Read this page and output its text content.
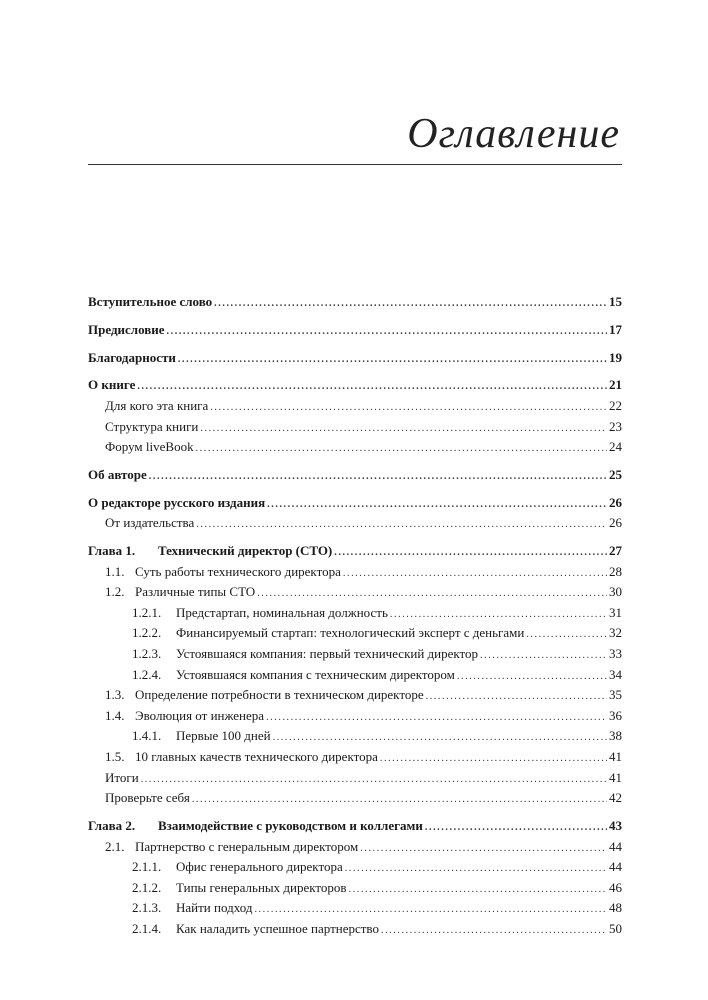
Оглавление
Вступительное слово .....	15
Предисловие .....	17
Благодарности .....	19
О книге .....	21
Для кого эта книга .....	22
Структура книги .....	23
Форум liveBook .....	24
Об авторе .....	25
О редакторе русского издания .....	26
От издательства .....	26
Глава 1. Технический директор (CTO) .....	27
1.1. Суть работы технического директора .....	28
1.2. Различные типы CTO .....	30
1.2.1. Предстартап, номинальная должность .....	31
1.2.2. Финансируемый стартап: технологический эксперт с деньгами .....	32
1.2.3. Устоявшаяся компания: первый технический директор .....	33
1.2.4. Устоявшаяся компания с техническим директором .....	34
1.3. Определение потребности в техническом директоре .....	35
1.4. Эволюция от инженера .....	36
1.4.1. Первые 100 дней .....	38
1.5. 10 главных качеств технического директора .....	41
Итоги .....	41
Проверьте себя .....	42
Глава 2. Взаимодействие с руководством и коллегами .....	43
2.1. Партнерство с генеральным директором .....	44
2.1.1. Офис генерального директора .....	44
2.1.2. Типы генеральных директоров .....	46
2.1.3. Найти подход .....	48
2.1.4. Как наладить успешное партнерство .....	50
